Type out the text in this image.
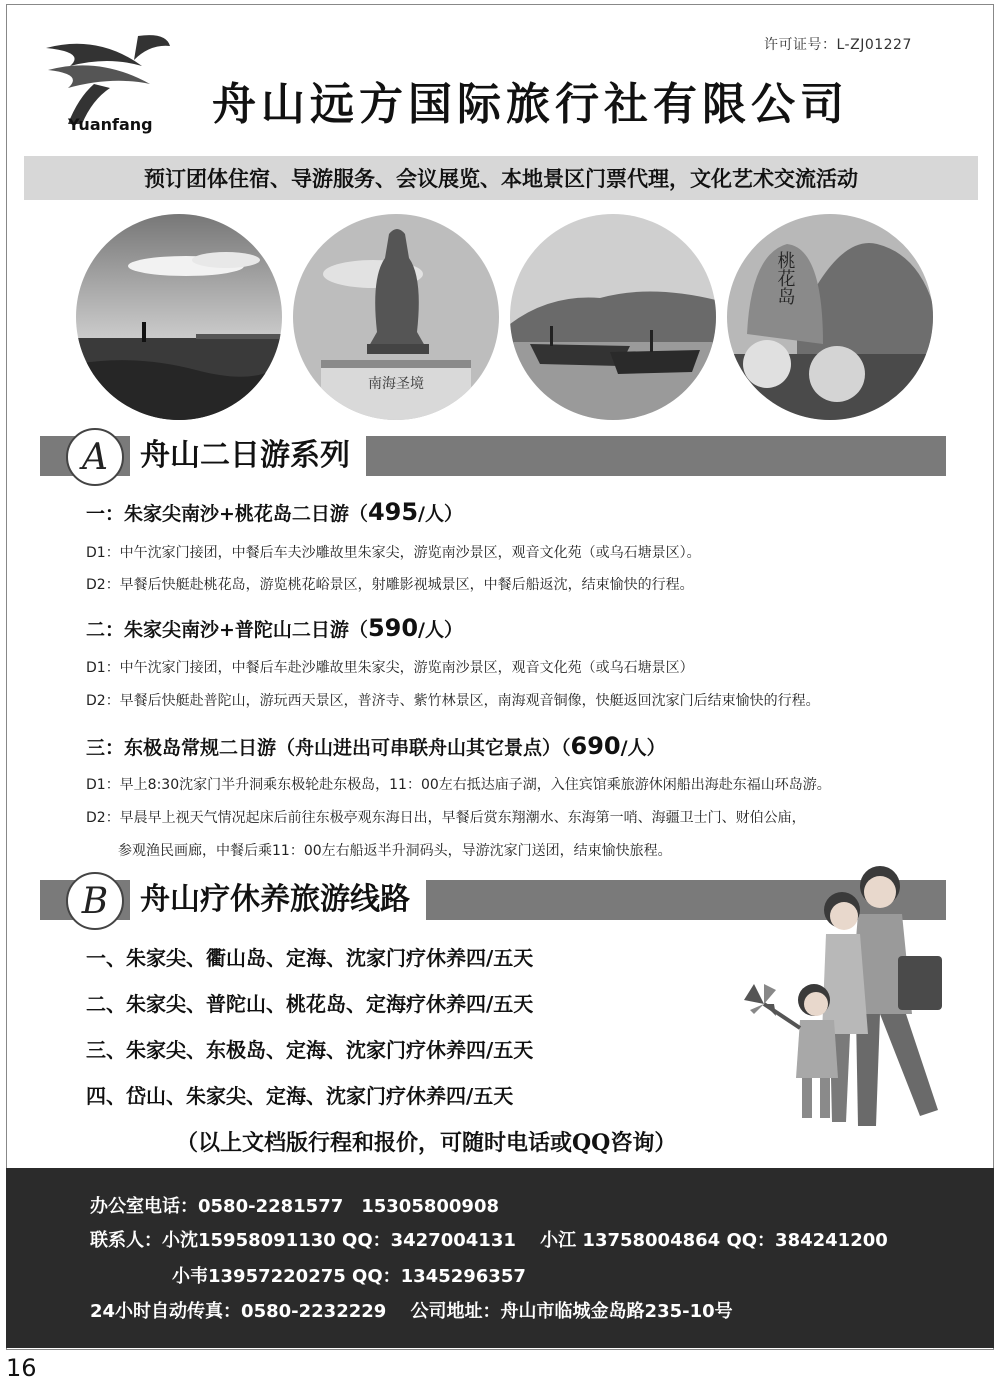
Yuanfang
许可证号：L-ZJ01227
舟山远方国际旅行社有限公司
预订团体住宿、导游服务、会议展览、本地景区门票代理，文化艺术交流活动
南海圣境
桃花岛
A	舟山二日游系列
一：朱家尖南沙+桃花岛二日游（495/人）
D1：中午沈家门接团，中餐后车夫沙雕故里朱家尖，游览南沙景区，观音文化苑（或乌石塘景区）。
D2：早餐后快艇赴桃花岛，游览桃花峪景区，射雕影视城景区，中餐后船返沈，结束愉快的行程。
二：朱家尖南沙+普陀山二日游（590/人）
D1：中午沈家门接团，中餐后车赴沙雕故里朱家尖，游览南沙景区，观音文化苑（或乌石塘景区）
D2：早餐后快艇赴普陀山，游玩西天景区，普济寺、紫竹林景区，南海观音铜像，快艇返回沈家门后结束愉快的行程。
三：东极岛常规二日游（舟山进出可串联舟山其它景点）（690/人）
D1：早上8:30沈家门半升洞乘东极轮赴东极岛，11：00左右抵达庙子湖，入住宾馆乘旅游休闲船出海赴东福山环岛游。
D2：早晨早上视天气情况起床后前往东极亭观东海日出，早餐后赏东翔潮水、东海第一哨、海疆卫士门、财伯公庙，
参观渔民画廊，中餐后乘11：00左右船返半升洞码头，导游沈家门送团，结束愉快旅程。
B	舟山疗休养旅游线路
一、朱家尖、衢山岛、定海、沈家门疗休养四/五天
二、朱家尖、普陀山、桃花岛、定海疗休养四/五天
三、朱家尖、东极岛、定海、沈家门疗休养四/五天
四、岱山、朱家尖、定海、沈家门疗休养四/五天
（以上文档版行程和报价，可随时电话或QQ咨询）
办公室电话：0580-2281577　15305800908
联系人：小沈15958091130 QQ：3427004131　 小江 13758004864 QQ：384241200
小韦13957220275 QQ：1345296357
24小时自动传真：0580-2232229　 公司地址：舟山市临城金岛路235-10号
16
